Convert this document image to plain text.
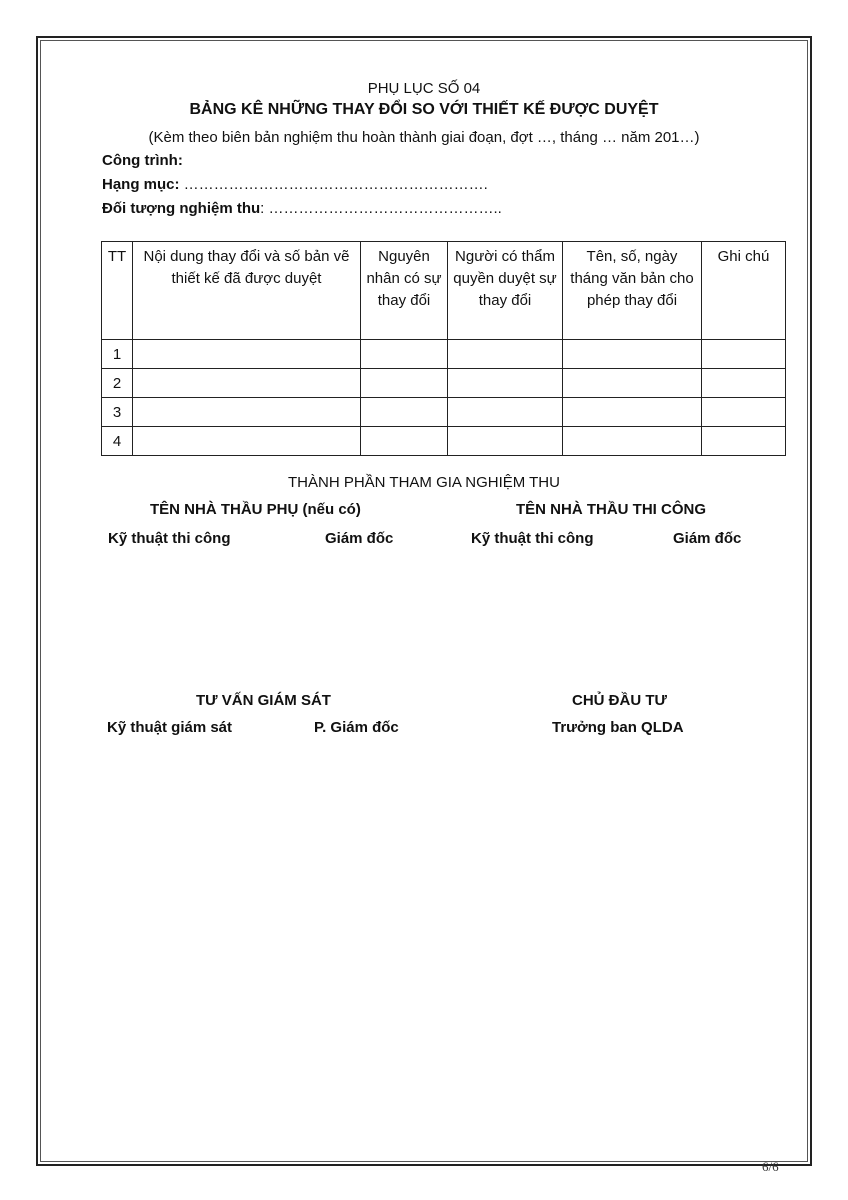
PHỤ LỤC SỐ 04
BẢNG KÊ NHỮNG THAY ĐỔI SO VỚI THIẾT KẾ ĐƯỢC DUYỆT
(Kèm theo biên bản nghiệm thu hoàn thành giai đoạn, đợt …, tháng … năm 201…)
Công trình:
Hạng mục: …………………………………………………….
Đối tượng nghiệm thu: ………………………………………..
TT	Nội dung thay đổi và số bản vẽ thiết kế đã được duyệt	Nguyên nhân có sự thay đổi	Người có thẩm quyền duyệt sự thay đổi	Tên, số, ngày tháng văn bản cho phép thay đổi	Ghi chú
1					
2					
3					
4					
THÀNH PHẦN THAM GIA NGHIỆM THU
TÊN NHÀ THẦU PHỤ (nếu có)	TÊN NHÀ THẦU THI CÔNG
Kỹ thuật thi công	Giám đốc	Kỹ thuật thi công	Giám đốc
TƯ VẤN GIÁM SÁT	CHỦ ĐẦU TƯ
Kỹ thuật giám sát	P. Giám đốc	Trưởng ban QLDA
6/6
